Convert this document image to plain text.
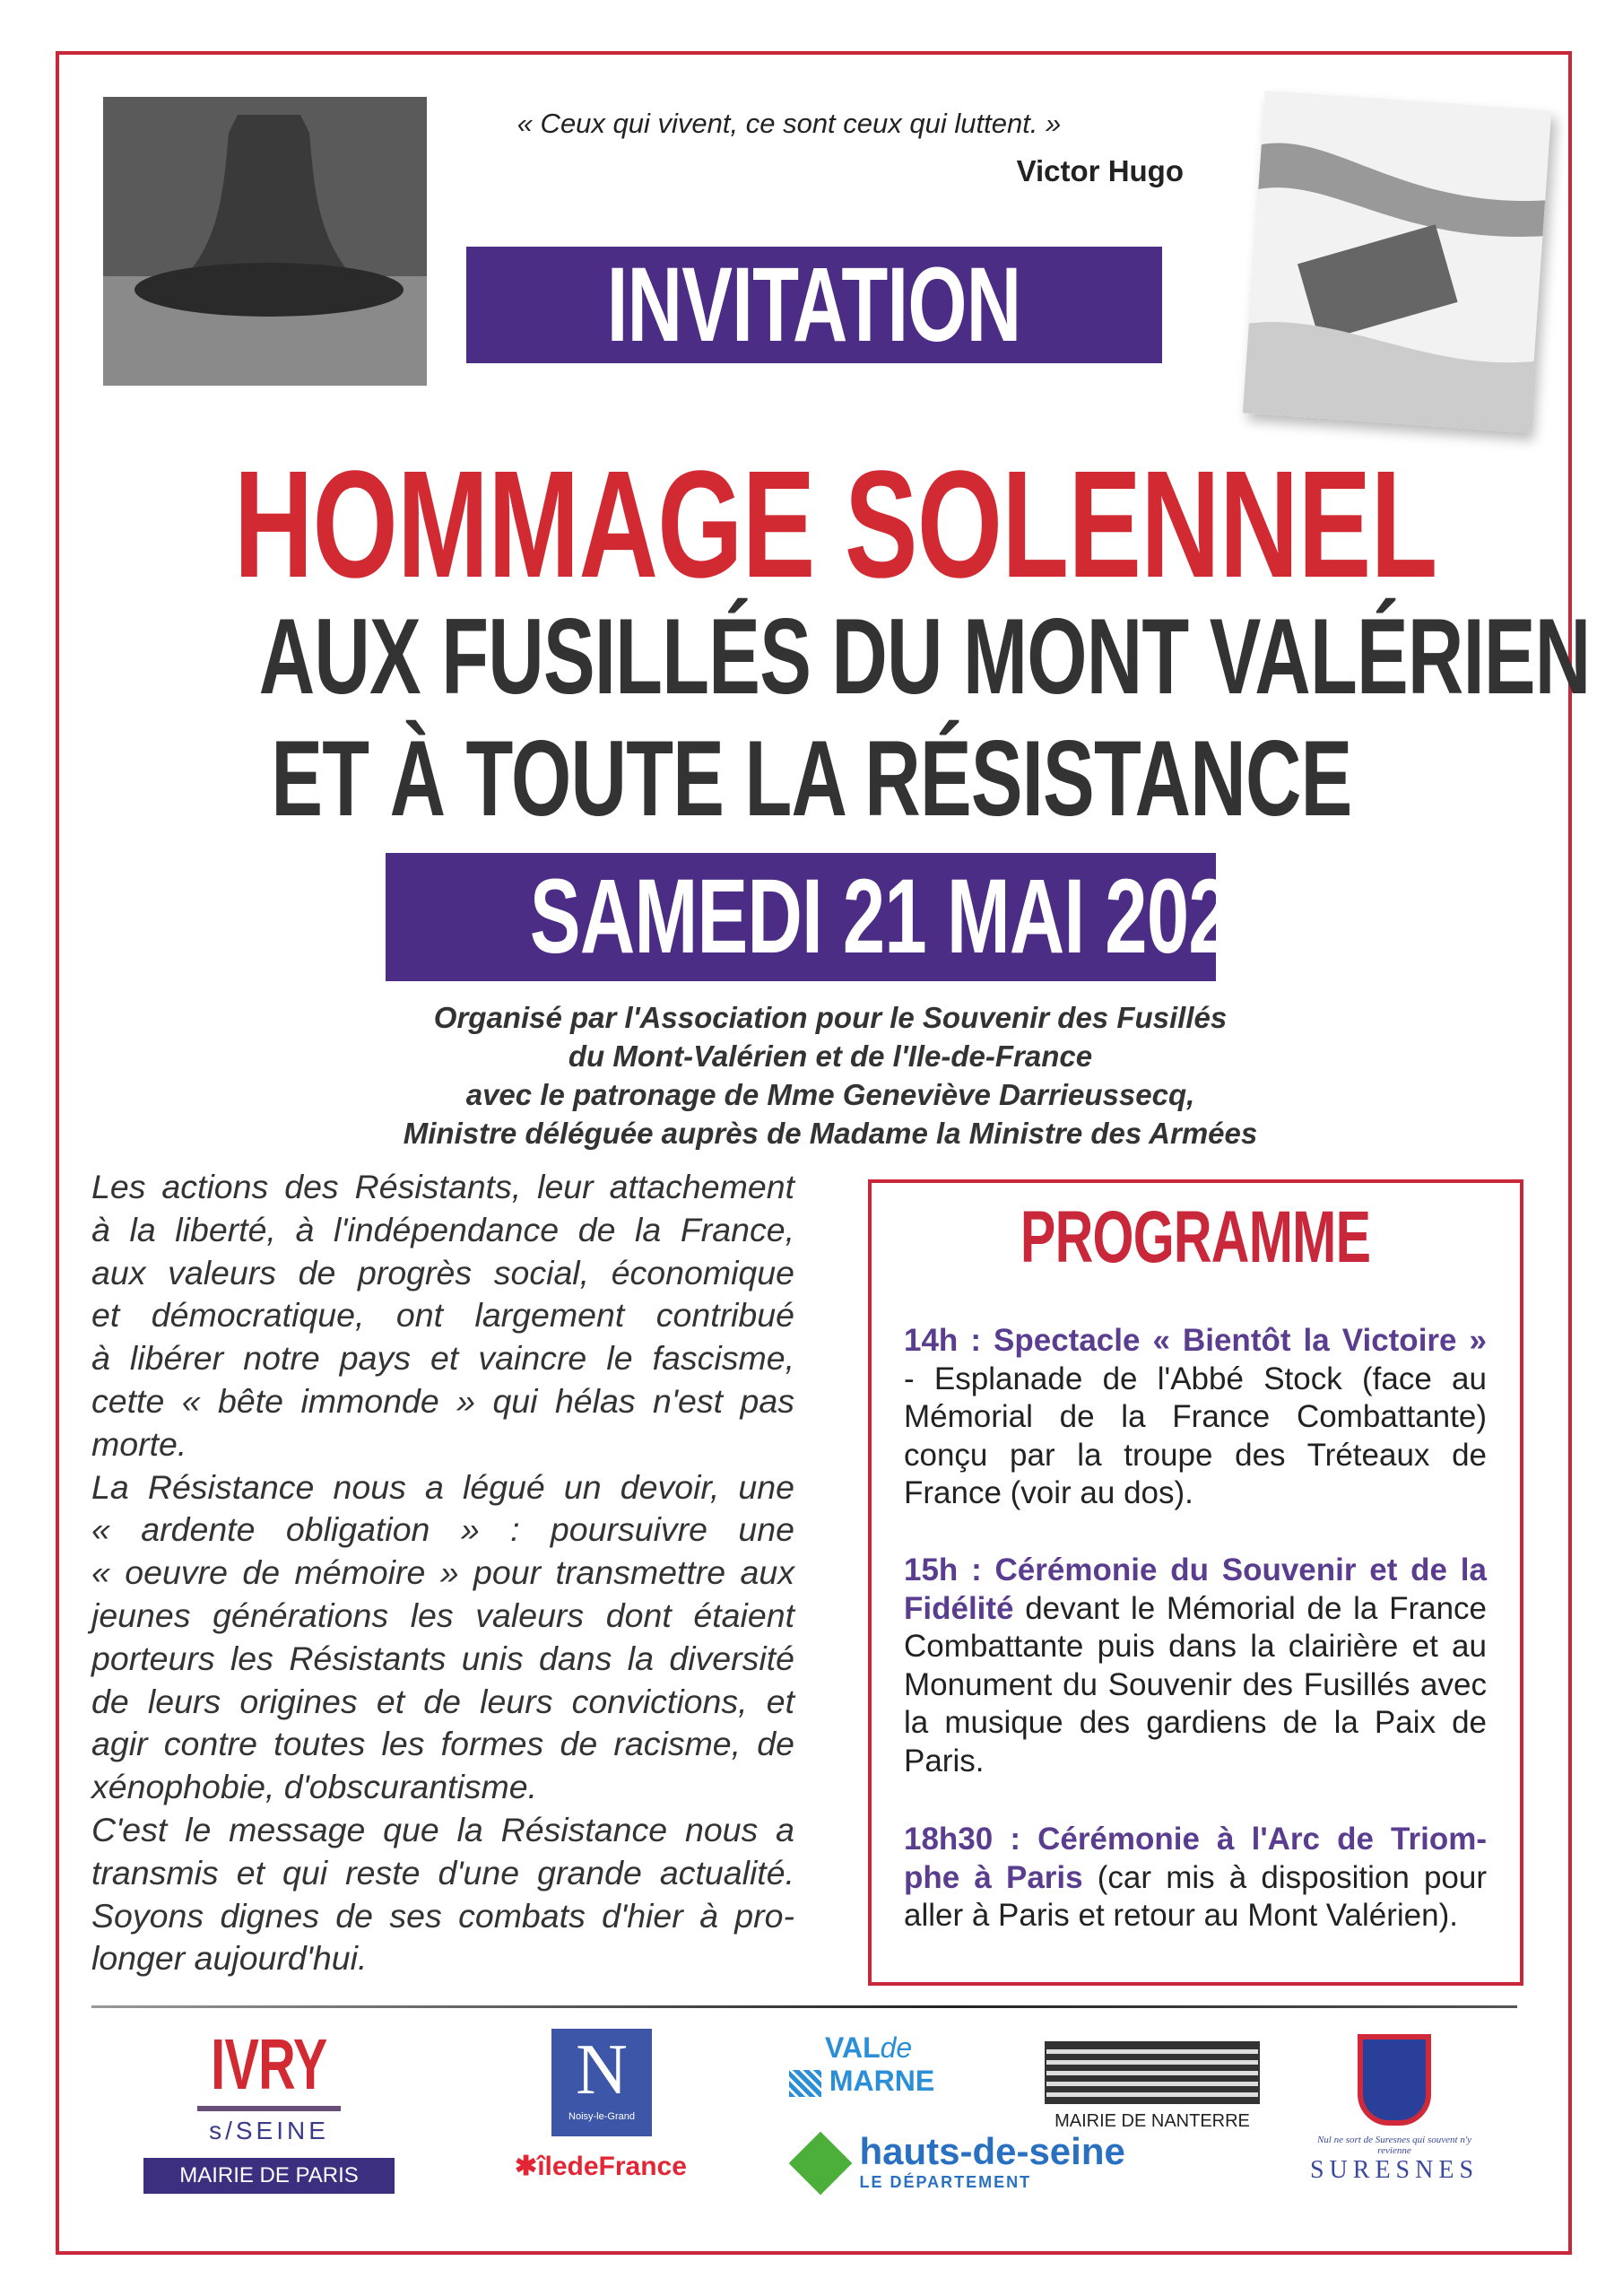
« Ceux qui vivent, ce sont ceux qui luttent. »
Victor Hugo
INVITATION
HOMMAGE SOLENNEL
AUX FUSILLÉS DU MONT VALÉRIEN
ET À TOUTE LA RÉSISTANCE
SAMEDI 21 MAI 2022
Organisé par l'Association pour le Souvenir des Fusillés
du Mont-Valérien et de l'Ile-de-France
avec le patronage de Mme Geneviève Darrieussecq,
Ministre déléguée auprès de Madame la Ministre des Armées
Les actions des Résistants, leur attachement
à la liberté, à l'indépendance de la France,
aux valeurs de progrès social, économique
et démocratique, ont largement contribué
à libérer notre pays et vaincre le fascisme,
cette « bête immonde » qui hélas n'est pas
morte.
La Résistance nous a légué un devoir, une
« ardente obligation » : poursuivre une
« oeuvre de mémoire » pour transmettre aux
jeunes générations les valeurs dont étaient
porteurs les Résistants unis dans la diversité
de leurs origines et de leurs convictions, et
agir contre toutes les formes de racisme, de
xénophobie, d'obscurantisme.
C'est le message que la Résistance nous a
transmis et qui reste d'une grande actualité.
Soyons dignes de ses combats d'hier à pro-
longer aujourd'hui.
PROGRAMME
14h : Spectacle « Bientôt la Victoire »
- Esplanade de l'Abbé Stock (face au
Mémorial de la France Combattante)
conçu par la troupe des Tréteaux de
France (voir au dos).
15h : Cérémonie du Souvenir et de la
Fidélité devant le Mémorial de la France
Combattante puis dans la clairière et au
Monument du Souvenir des Fusillés avec
la musique des gardiens de la Paix de
Paris.
18h30 : Cérémonie à l'Arc de Triom-
phe à Paris (car mis à disposition pour
aller à Paris et retour au Mont Valérien).
IVRY
s/SEINE
MAIRIE DE PARIS
N
Noisy-le-Grand
✱îledeFrance
VALde
MARNE

hauts-de-seine
LE DÉPARTEMENT
MAIRIE DE NANTERRE
Nul ne sort de Suresnes qui souvent n'y revienne
SURESNES
